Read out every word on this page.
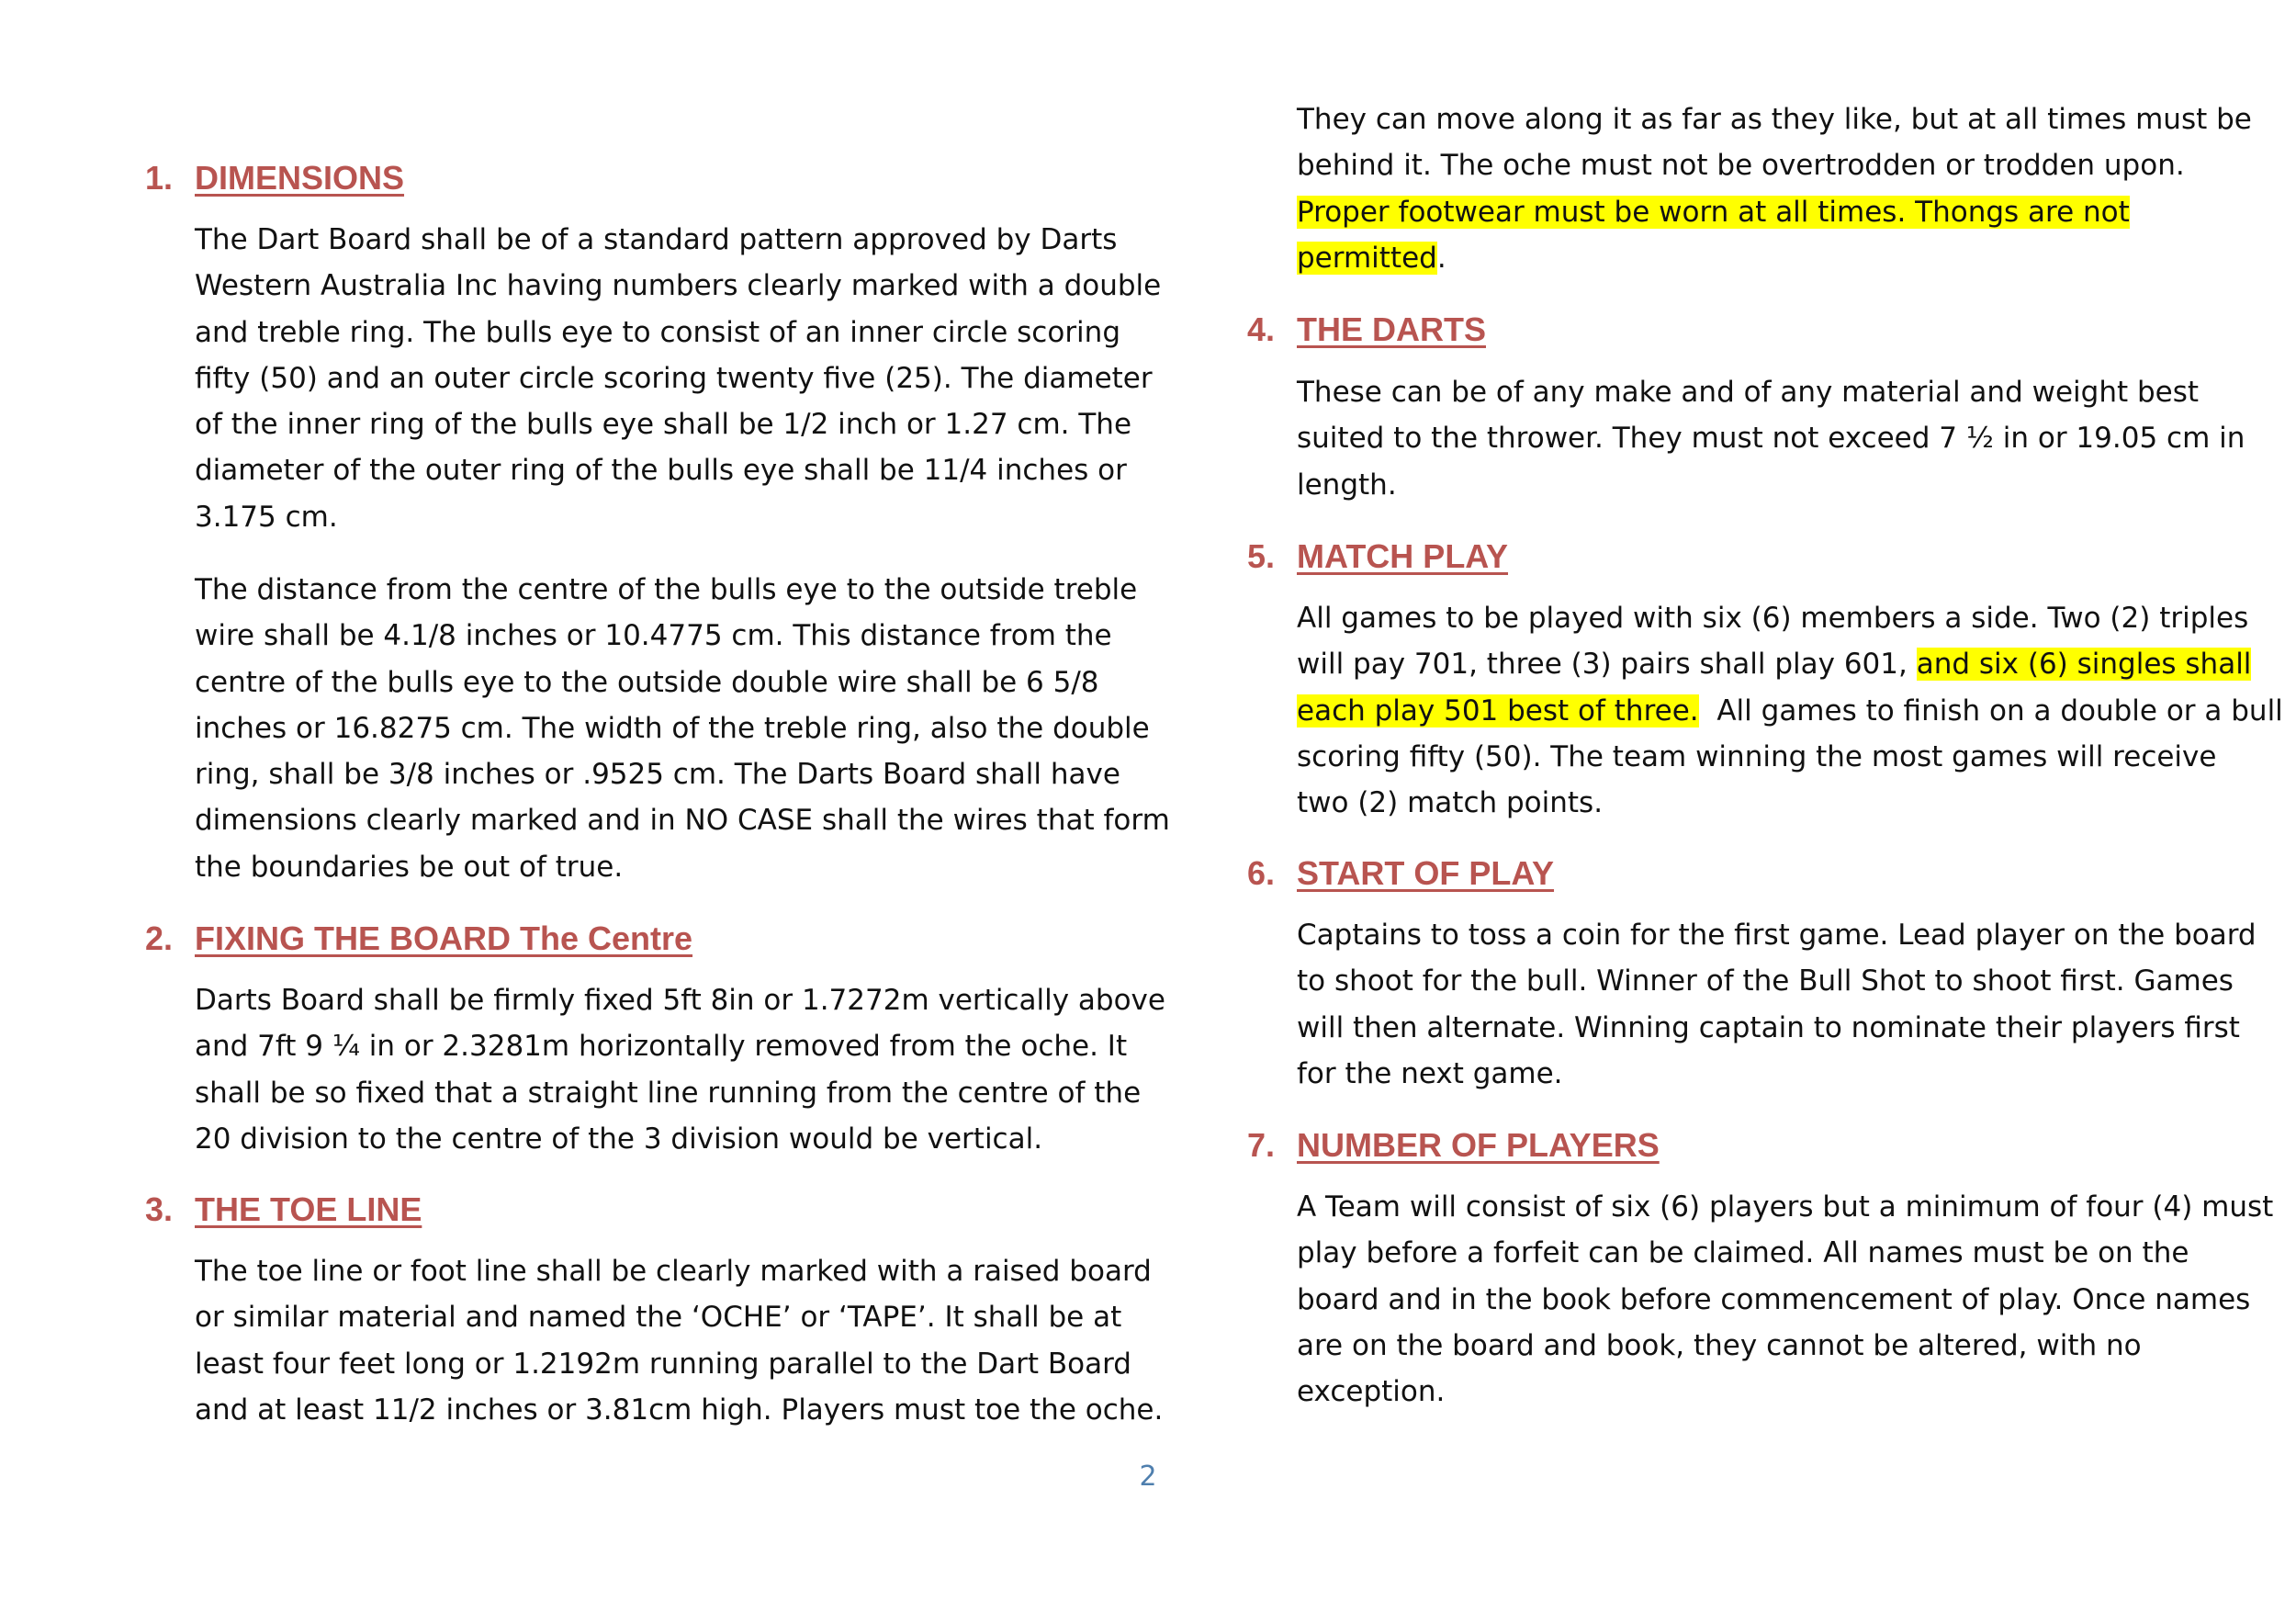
1. DIMENSIONS
The Dart Board shall be of a standard pattern approved by Darts
Western Australia Inc having numbers clearly marked with a double
and treble ring. The bulls eye to consist of an inner circle scoring
fifty (50) and an outer circle scoring twenty five (25). The diameter
of the inner ring of the bulls eye shall be 1/2 inch or 1.27 cm. The
diameter of the outer ring of the bulls eye shall be 11/4 inches or
3.175 cm.
The distance from the centre of the bulls eye to the outside treble
wire shall be 4.1/8 inches or 10.4775 cm. This distance from the
centre of the bulls eye to the outside double wire shall be 6 5/8
inches or 16.8275 cm. The width of the treble ring, also the double
ring, shall be 3/8 inches or .9525 cm. The Darts Board shall have
dimensions clearly marked and in NO CASE shall the wires that form
the boundaries be out of true.
2. FIXING THE BOARD The Centre
Darts Board shall be firmly fixed 5ft 8in or 1.7272m vertically above
and 7ft 9 ¼ in or 2.3281m horizontally removed from the oche. It
shall be so fixed that a straight line running from the centre of the
20 division to the centre of the 3 division would be vertical.
3. THE TOE LINE
The toe line or foot line shall be clearly marked with a raised board
or similar material and named the ‘OCHE’ or ‘TAPE’. It shall be at
least four feet long or 1.2192m running parallel to the Dart Board
and at least 11/2 inches or 3.81cm high. Players must toe the oche.
They can move along it as far as they like, but at all times must be
behind it. The oche must not be overtrodden or trodden upon.
Proper footwear must be worn at all times. Thongs are not
permitted.
4. THE DARTS
These can be of any make and of any material and weight best
suited to the thrower. They must not exceed 7 ½ in or 19.05 cm in
length.
5. MATCH PLAY
All games to be played with six (6) members a side. Two (2) triples
will pay 701, three (3) pairs shall play 601, and six (6) singles shall
each play 501 best of three.  All games to finish on a double or a bull
scoring fifty (50). The team winning the most games will receive
two (2) match points.
6. START OF PLAY
Captains to toss a coin for the first game. Lead player on the board
to shoot for the bull. Winner of the Bull Shot to shoot first. Games
will then alternate. Winning captain to nominate their players first
for the next game.
7. NUMBER OF PLAYERS
A Team will consist of six (6) players but a minimum of four (4) must
play before a forfeit can be claimed. All names must be on the
board and in the book before commencement of play. Once names
are on the board and book, they cannot be altered, with no
exception.
2
